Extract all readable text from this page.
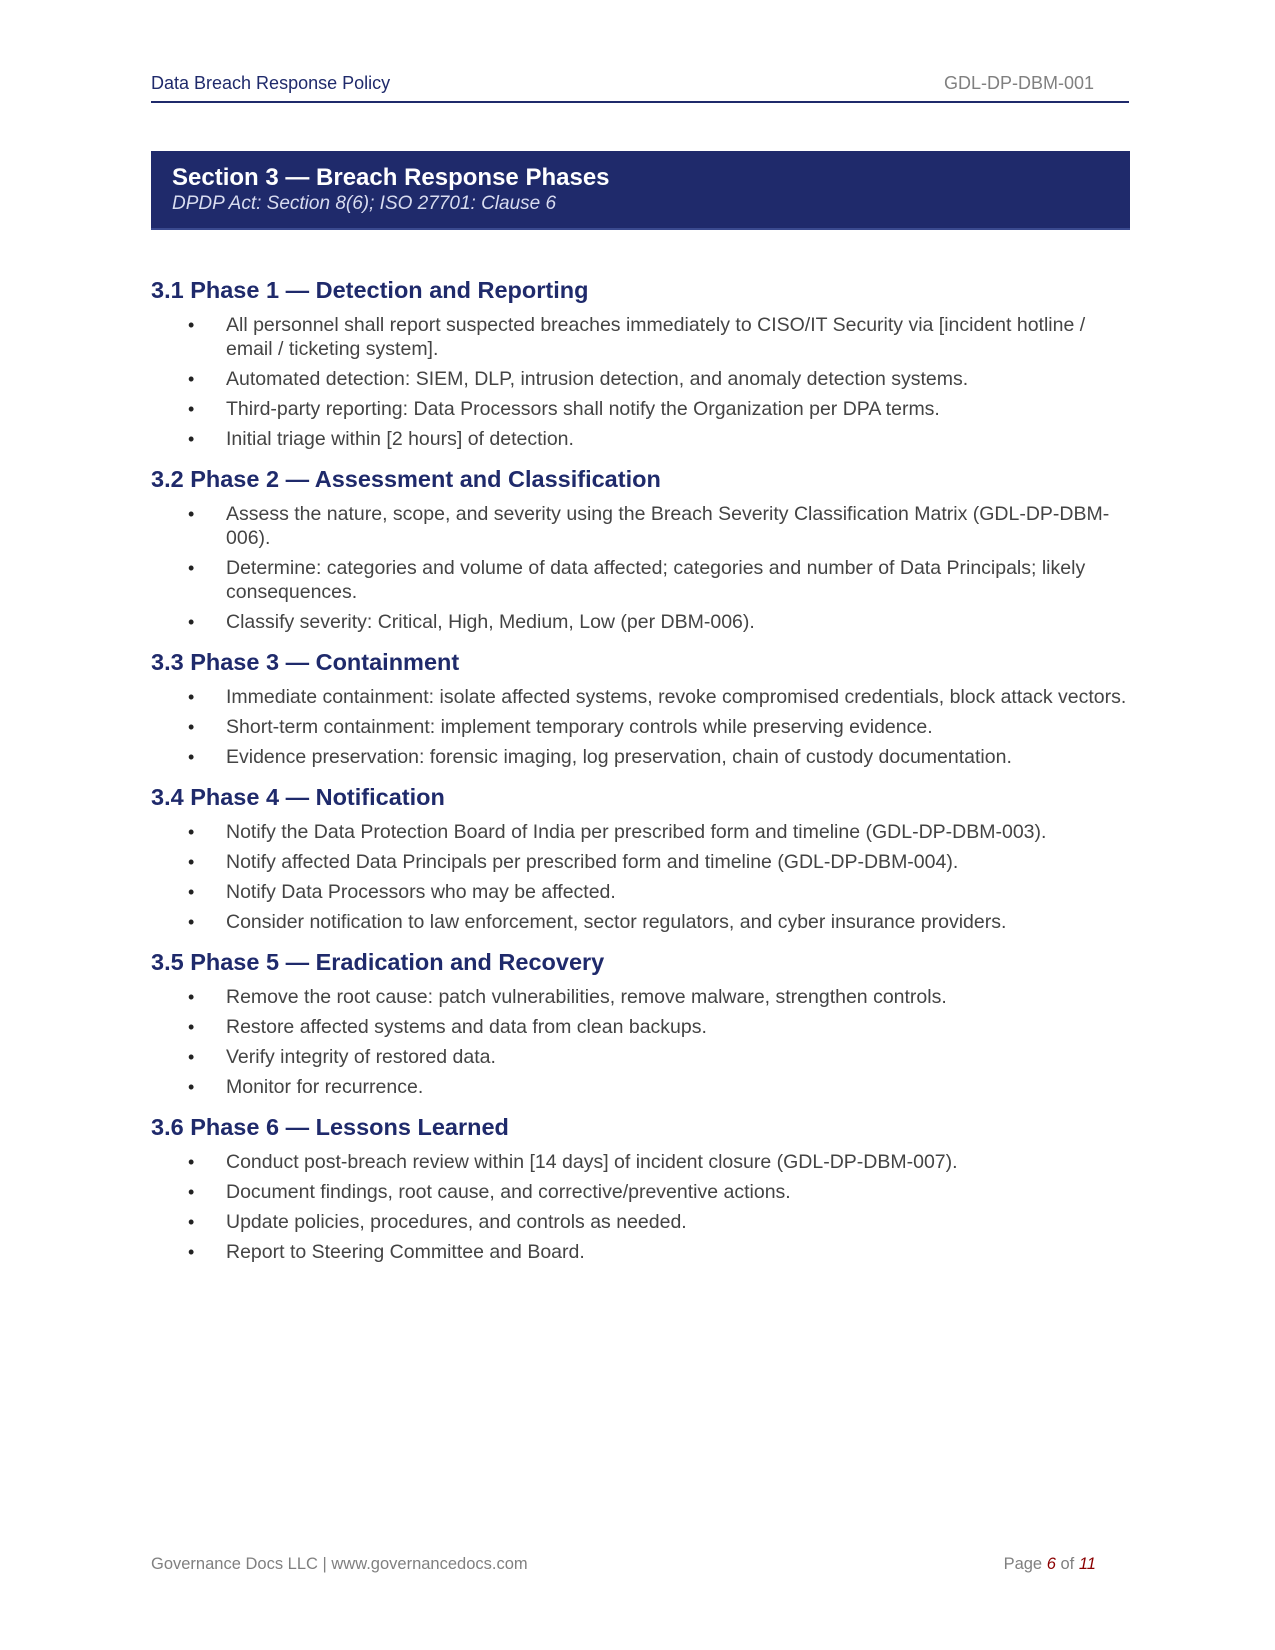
Data Breach Response Policy	GDL-DP-DBM-001
Section 3 — Breach Response Phases
DPDP Act: Section 8(6); ISO 27701: Clause 6
3.1 Phase 1 — Detection and Reporting
• All personnel shall report suspected breaches immediately to CISO/IT Security via [incident hotline / email / ticketing system].
• Automated detection: SIEM, DLP, intrusion detection, and anomaly detection systems.
• Third-party reporting: Data Processors shall notify the Organization per DPA terms.
• Initial triage within [2 hours] of detection.
3.2 Phase 2 — Assessment and Classification
• Assess the nature, scope, and severity using the Breach Severity Classification Matrix (GDL-DP-DBM-006).
• Determine: categories and volume of data affected; categories and number of Data Principals; likely consequences.
• Classify severity: Critical, High, Medium, Low (per DBM-006).
3.3 Phase 3 — Containment
• Immediate containment: isolate affected systems, revoke compromised credentials, block attack vectors.
• Short-term containment: implement temporary controls while preserving evidence.
• Evidence preservation: forensic imaging, log preservation, chain of custody documentation.
3.4 Phase 4 — Notification
• Notify the Data Protection Board of India per prescribed form and timeline (GDL-DP-DBM-003).
• Notify affected Data Principals per prescribed form and timeline (GDL-DP-DBM-004).
• Notify Data Processors who may be affected.
• Consider notification to law enforcement, sector regulators, and cyber insurance providers.
3.5 Phase 5 — Eradication and Recovery
• Remove the root cause: patch vulnerabilities, remove malware, strengthen controls.
• Restore affected systems and data from clean backups.
• Verify integrity of restored data.
• Monitor for recurrence.
3.6 Phase 6 — Lessons Learned
• Conduct post-breach review within [14 days] of incident closure (GDL-DP-DBM-007).
• Document findings, root cause, and corrective/preventive actions.
• Update policies, procedures, and controls as needed.
• Report to Steering Committee and Board.
Governance Docs LLC | www.governancedocs.com	Page 6 of 11
